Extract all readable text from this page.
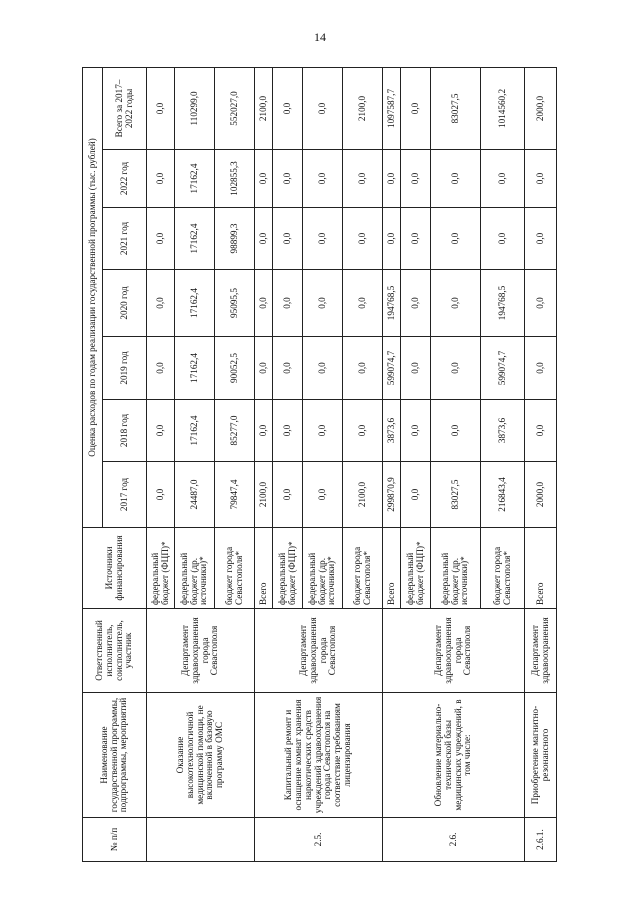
14
№ п/п	Наименование государственной программы, подпрограммы, мероприятий	Ответственный исполнитель, соисполнитель, участник	Источники финансирования	Оценка расходов по годам реализации государственной программы (тыс. рублей)						
				2017 год	2018 год	2019 год	2020 год	2021 год	2022 год	Всего за 2017–2022 годы
	Оказание высокотехнологичной медицинской помощи, не включенной в базовую программу ОМС	Департамент здравоохранения города Севастополя	федеральный бюджет (ФЦП)*	0,0	0,0	0,0	0,0	0,0	0,0	0,0
			федеральный бюджет (др. источники)*	24487,0	17162,4	17162,4	17162,4	17162,4	17162,4	110299,0
			бюджет города Севастополя*	79847,4	85277,0	90052,5	95095,5	98899,3	102855,3	552027,0
2.5.	Капитальный ремонт и оснащение комнат хранения наркотических средств учреждений здравоохранения города Севастополя на соответствие требованиям лицензирования	Департамент здравоохранения города Севастополя	Всего	2100,0	0,0	0,0	0,0	0,0	0,0	2100,0
			федеральный бюджет (ФЦП)*	0,0	0,0	0,0	0,0	0,0	0,0	0,0
			федеральный бюджет (др. источники)*	0,0	0,0	0,0	0,0	0,0	0,0	0,0
			бюджет города Севастополя*	2100,0	0,0	0,0	0,0	0,0	0,0	2100,0
2.6.	Обновление материально-технической базы медицинских учреждений, в том числе:	Департамент здравоохранения города Севастополя	Всего	299870,9	3873,6	599074,7	194768,5	0,0	0,0	1097587,7
			федеральный бюджет (ФЦП)*	0,0	0,0	0,0	0,0	0,0	0,0	0,0
			федеральный бюджет (др. источники)*	83027,5	0,0	0,0	0,0	0,0	0,0	83027,5
			бюджет города Севастополя*	216843,4	3873,6	599074,7	194768,5	0,0	0,0	1014560,2
2.6.1.	Приобретение магнитно-резонансного	Департамент здравоохранения	Всего	2000,0	0,0	0,0	0,0	0,0	0,0	2000,0
